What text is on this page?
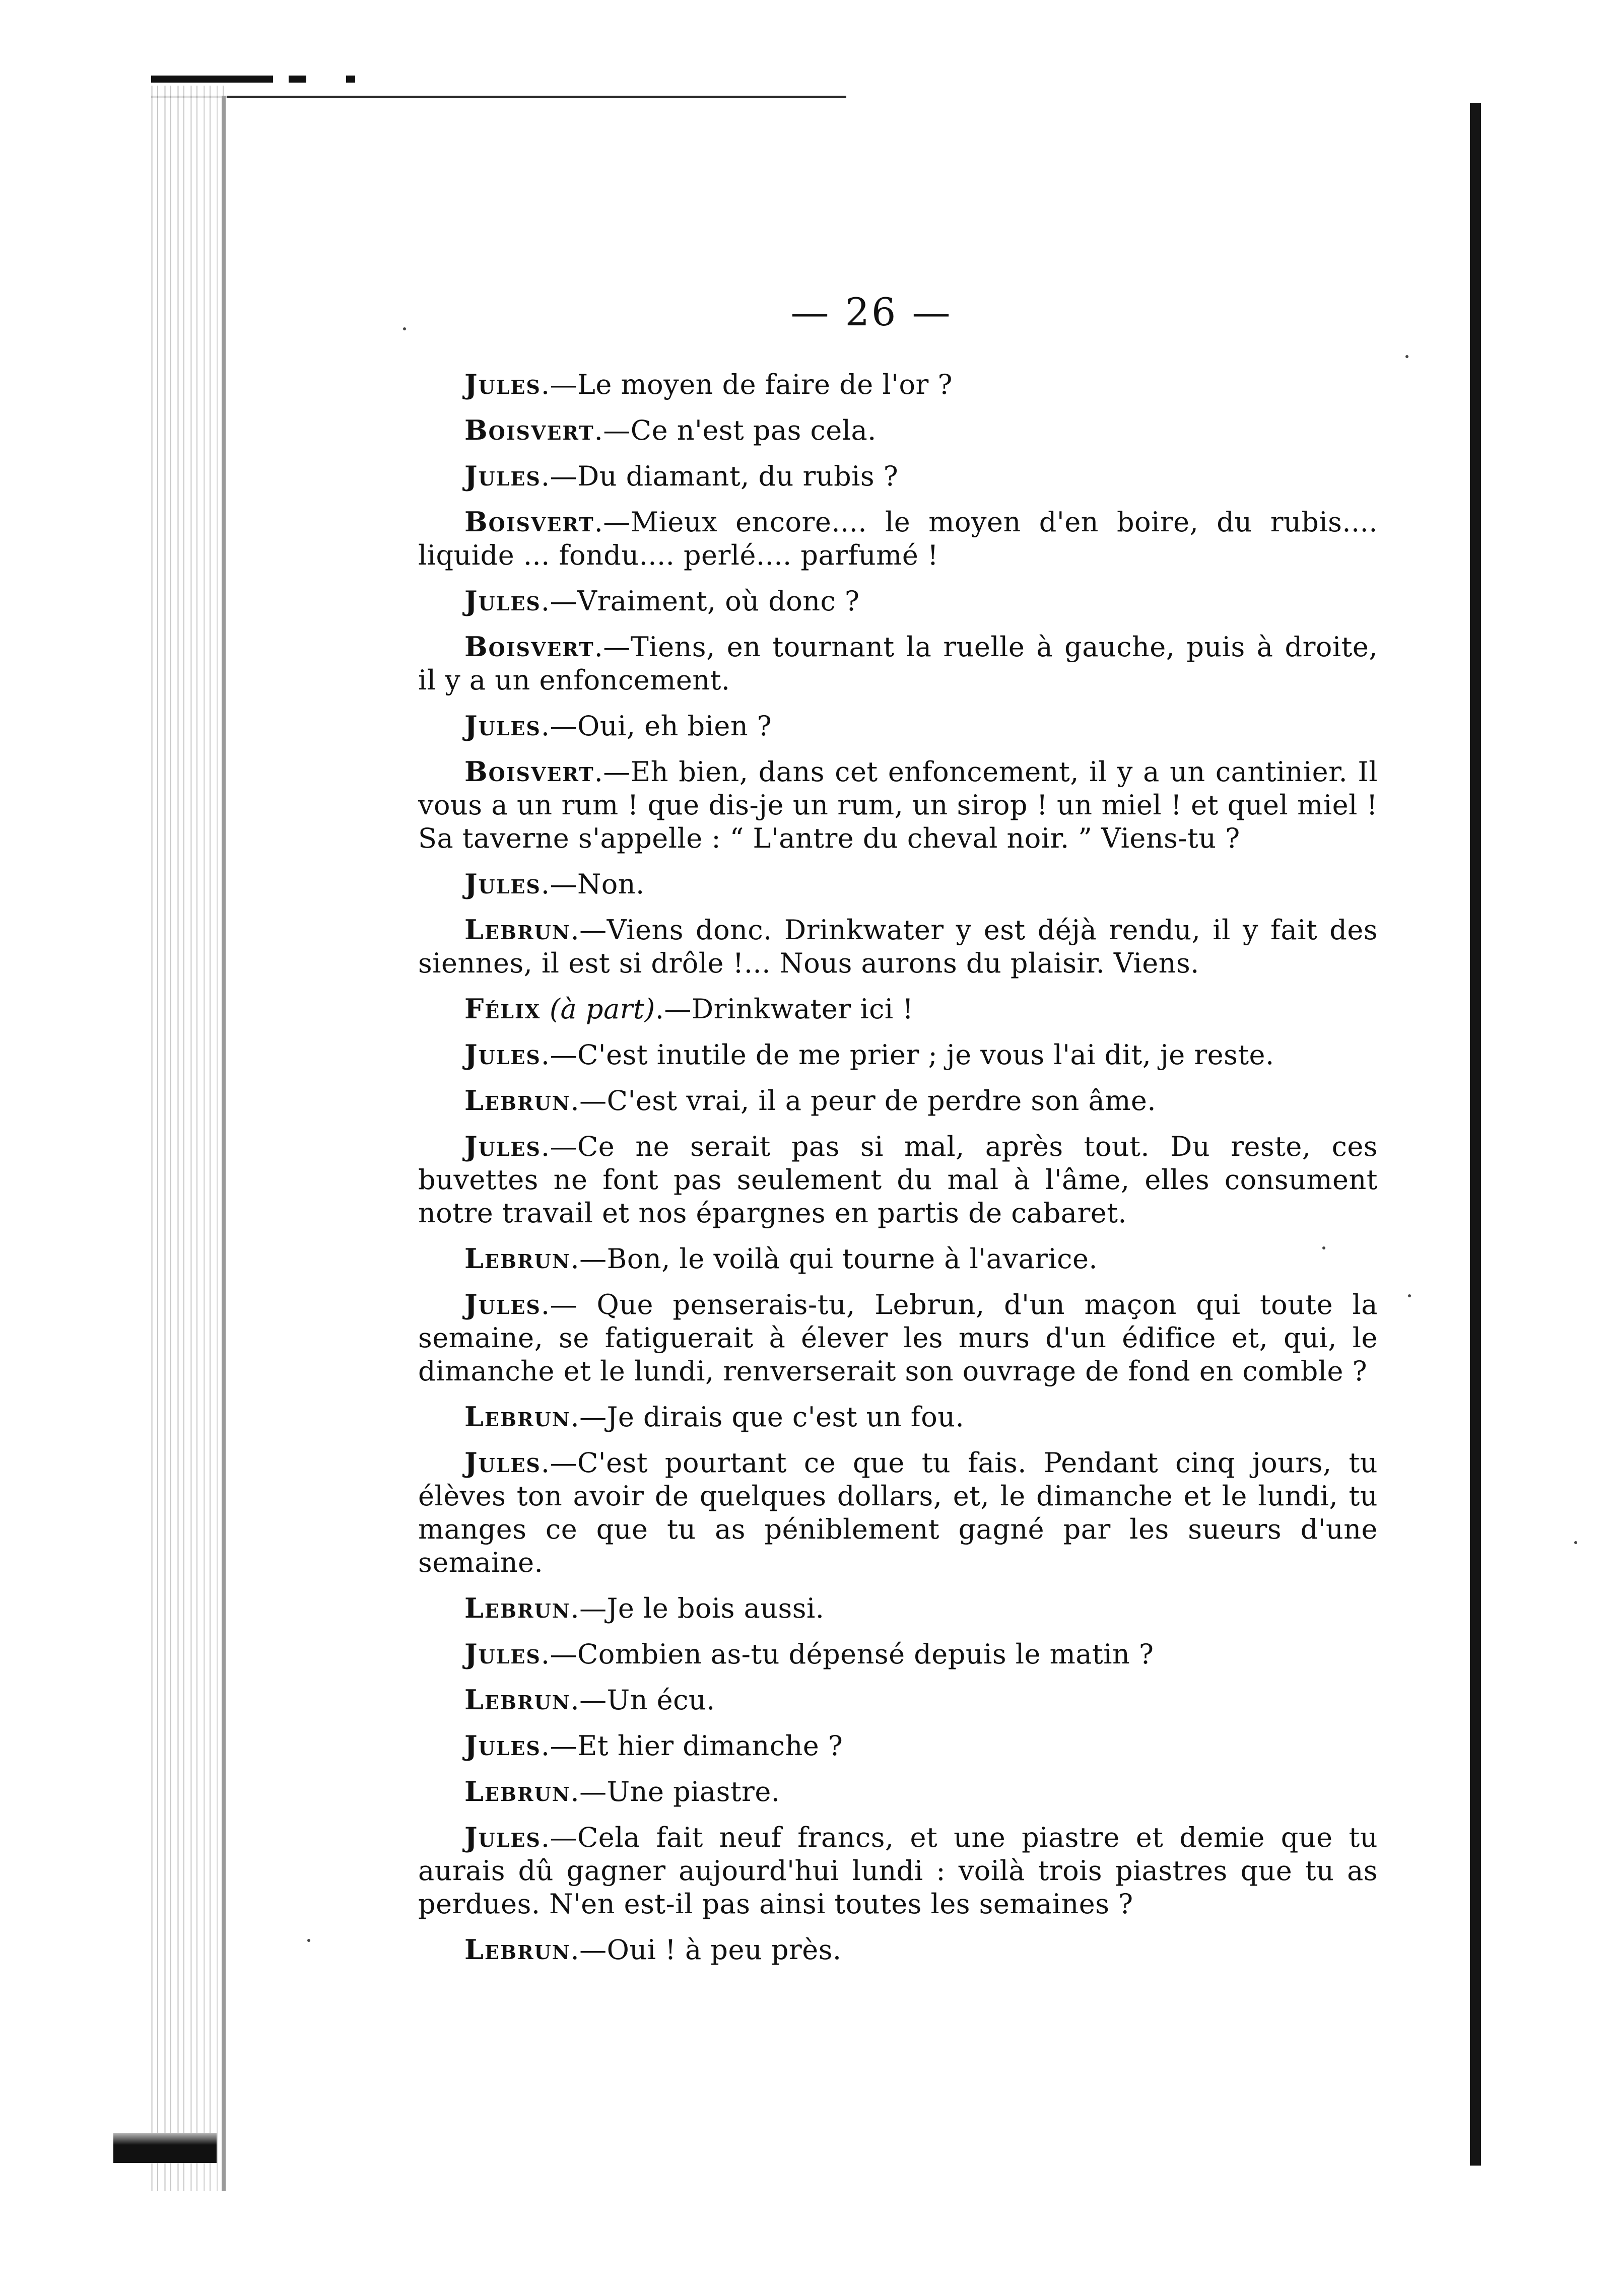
— 26 —

Jules.—Le moyen de faire de l'or ?

Boisvert.—Ce n'est pas cela.

Jules.—Du diamant, du rubis ?

Boisvert.—Mieux encore.... le moyen d'en boire, du rubis.... liquide ... fondu.... perlé.... parfumé !

Jules.—Vraiment, où donc ?

Boisvert.—Tiens, en tournant la ruelle à gauche, puis à droite, il y a un enfoncement.

Jules.—Oui, eh bien ?

Boisvert.—Eh bien, dans cet enfoncement, il y a un cantinier. Il vous a un rum ! que dis-je un rum, un sirop ! un miel ! et quel miel ! Sa taverne s'appelle : “ L'antre du cheval noir. ” Viens-tu ?

Jules.—Non.

Lebrun.—Viens donc. Drinkwater y est déjà rendu, il y fait des siennes, il est si drôle !... Nous aurons du plaisir. Viens.

Félix (à part).—Drinkwater ici !

Jules.—C'est inutile de me prier ; je vous l'ai dit, je reste.

Lebrun.—C'est vrai, il a peur de perdre son âme.

Jules.—Ce ne serait pas si mal, après tout. Du reste, ces buvettes ne font pas seulement du mal à l'âme, elles consument notre travail et nos épargnes en partis de cabaret.

Lebrun.—Bon, le voilà qui tourne à l'avarice.

Jules.— Que penserais-tu, Lebrun, d'un maçon qui toute la semaine, se fatiguerait à élever les murs d'un édifice et, qui, le dimanche et le lundi, renverserait son ouvrage de fond en comble ?

Lebrun.—Je dirais que c'est un fou.

Jules.—C'est pourtant ce que tu fais. Pendant cinq jours, tu élèves ton avoir de quelques dollars, et, le dimanche et le lundi, tu manges ce que tu as péniblement gagné par les sueurs d'une semaine.

Lebrun.—Je le bois aussi.

Jules.—Combien as-tu dépensé depuis le matin ?

Lebrun.—Un écu.

Jules.—Et hier dimanche ?

Lebrun.—Une piastre.

Jules.—Cela fait neuf francs, et une piastre et demie que tu aurais dû gagner aujourd'hui lundi : voilà trois piastres que tu as perdues. N'en est-il pas ainsi toutes les semaines ?

Lebrun.—Oui ! à peu près.
